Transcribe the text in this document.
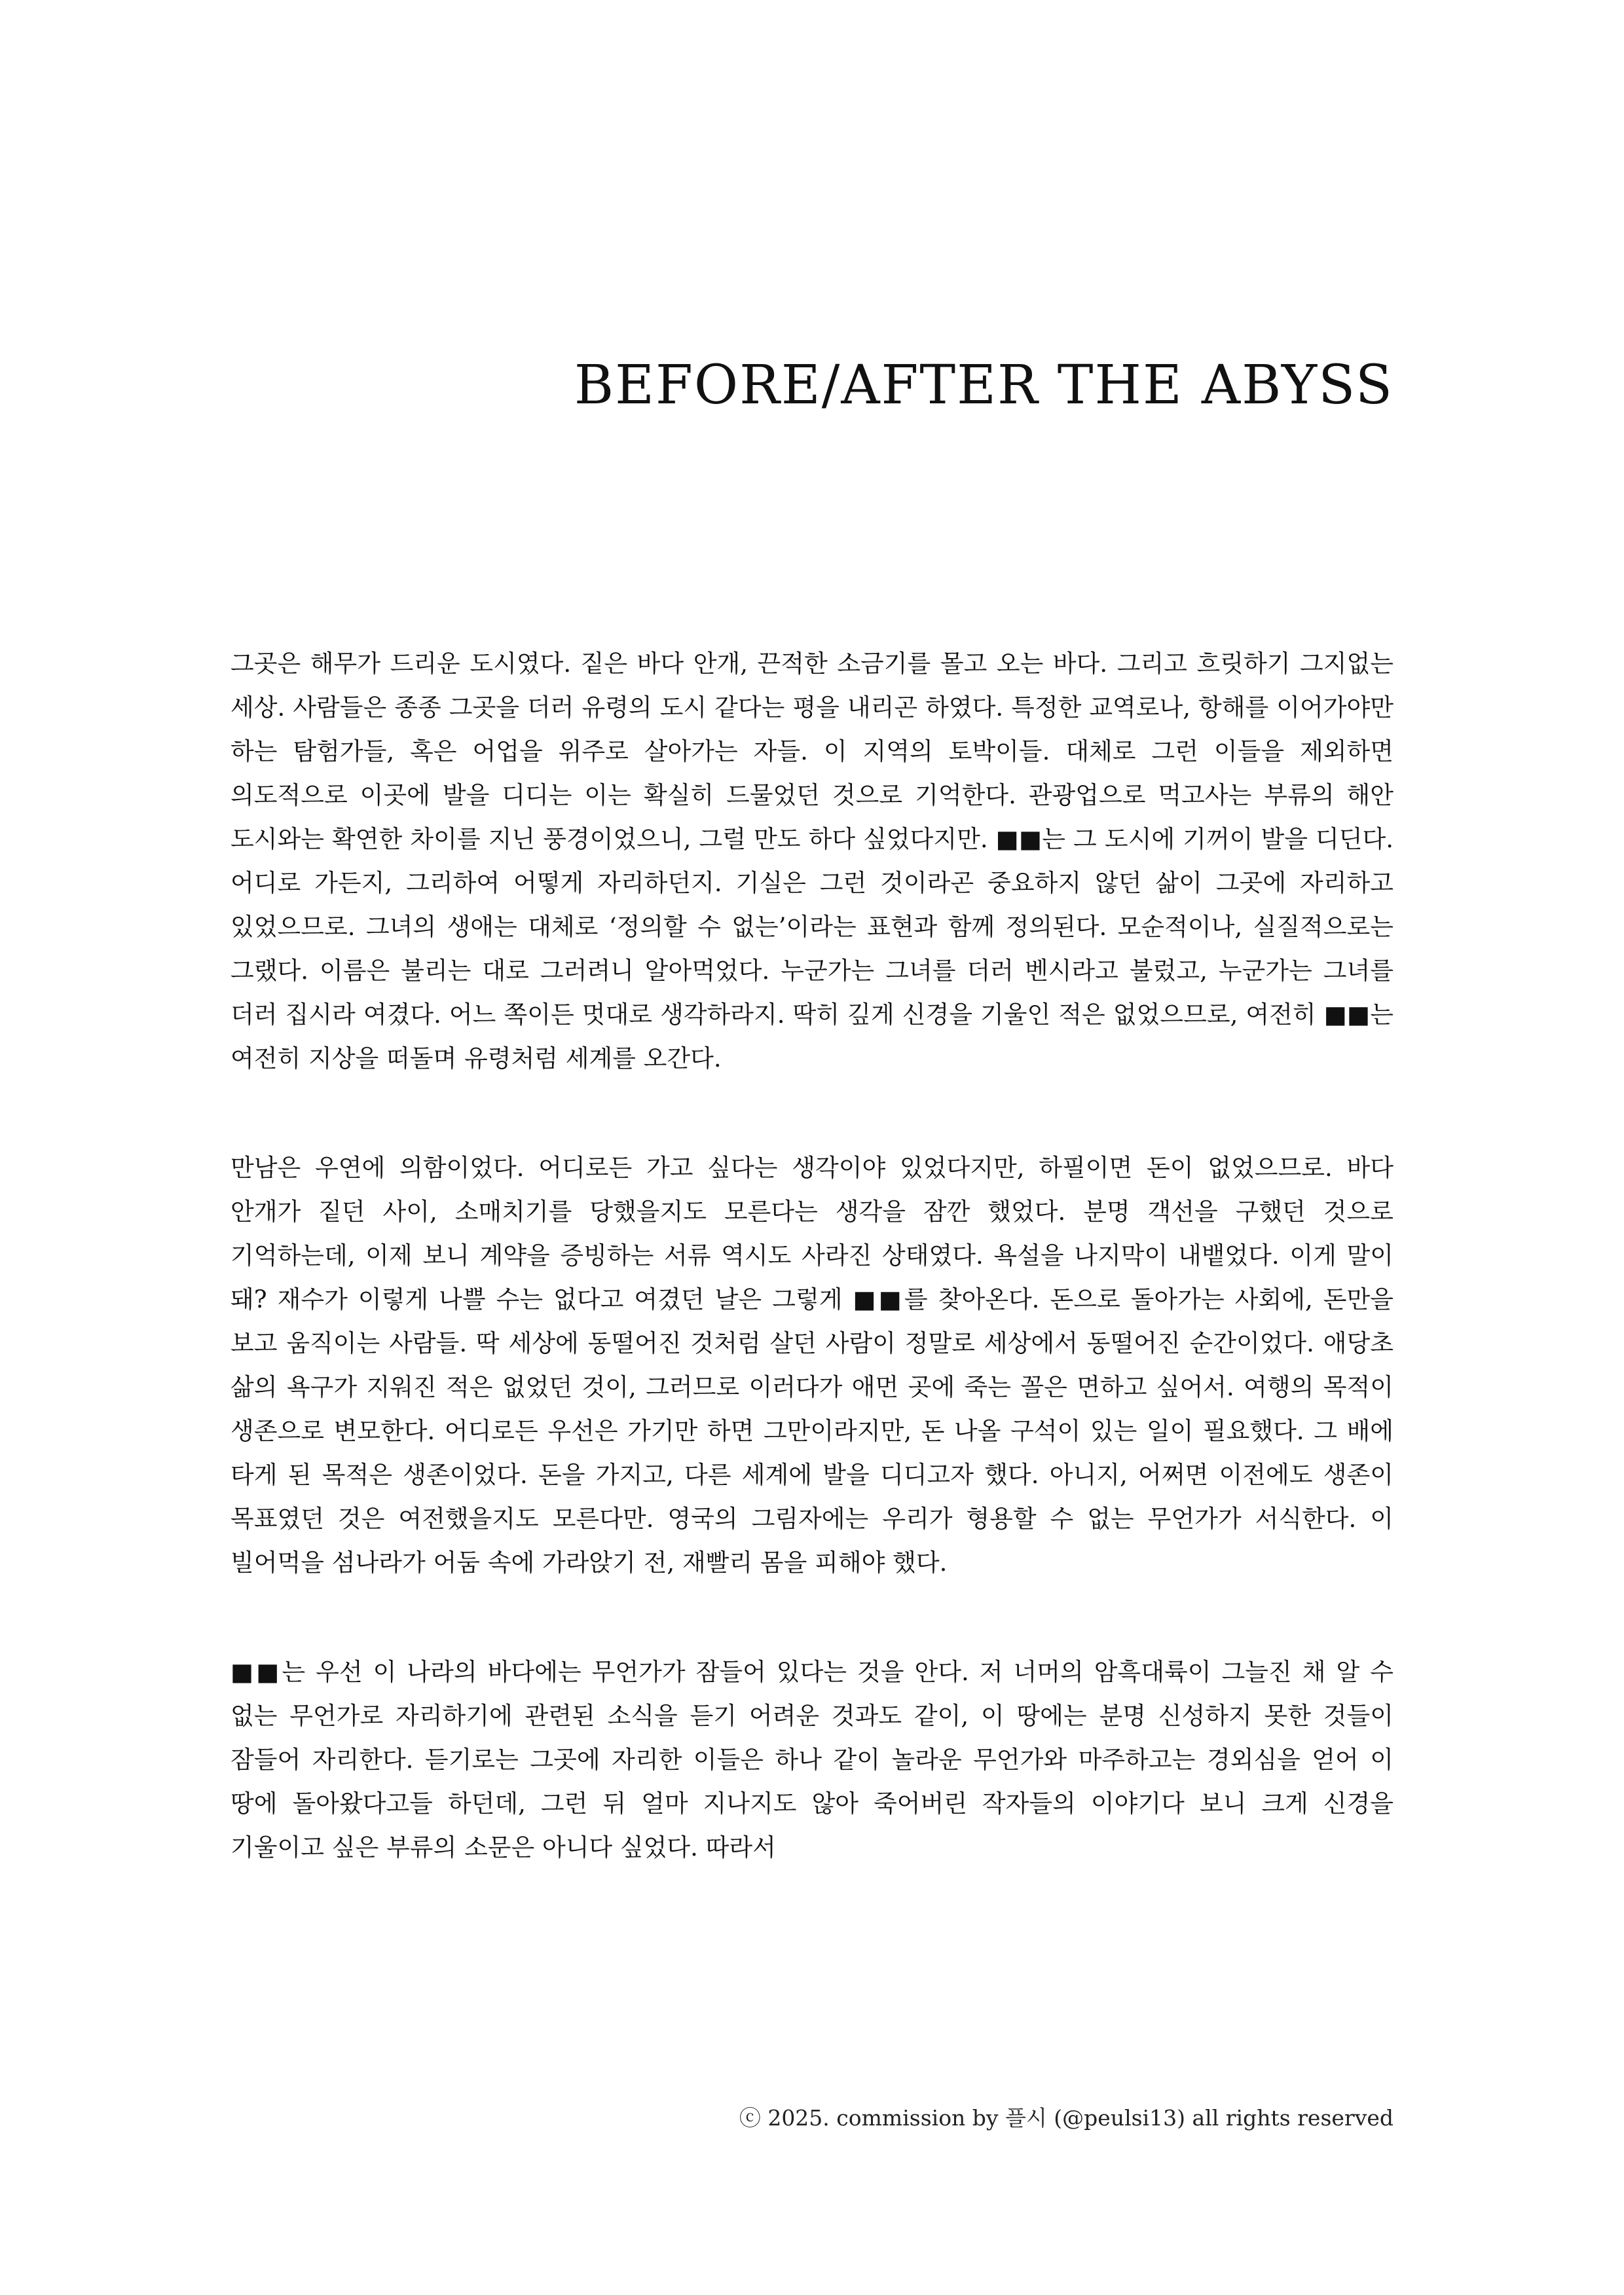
BEFORE/AFTER THE ABYSS

그곳은 해무가 드리운 도시였다. 짙은 바다 안개, 끈적한 소금기를 몰고 오는 바다. 그리고 흐릿하기 그지없는 세상. 사람들은 종종 그곳을 더러 유령의 도시 같다는 평을 내리곤 하였다. 특정한 교역로나, 항해를 이어가야만 하는 탐험가들, 혹은 어업을 위주로 살아가는 자들. 이 지역의 토박이들. 대체로 그런 이들을 제외하면 의도적으로 이곳에 발을 디디는 이는 확실히 드물었던 것으로 기억한다. 관광업으로 먹고사는 부류의 해안 도시와는 확연한 차이를 지닌 풍경이었으니, 그럴 만도 하다 싶었다지만. ■■는 그 도시에 기꺼이 발을 디딘다. 어디로 가든지, 그리하여 어떻게 자리하던지. 기실은 그런 것이라곤 중요하지 않던 삶이 그곳에 자리하고 있었으므로. 그녀의 생애는 대체로 ‘정의할 수 없는’이라는 표현과 함께 정의된다. 모순적이나, 실질적으로는 그랬다. 이름은 불리는 대로 그러려니 알아먹었다. 누군가는 그녀를 더러 벤시라고 불렀고, 누군가는 그녀를 더러 집시라 여겼다. 어느 쪽이든 멋대로 생각하라지. 딱히 깊게 신경을 기울인 적은 없었으므로, 여전히 ■■는 여전히 지상을 떠돌며 유령처럼 세계를 오간다.

만남은 우연에 의함이었다. 어디로든 가고 싶다는 생각이야 있었다지만, 하필이면 돈이 없었으므로. 바다 안개가 짙던 사이, 소매치기를 당했을지도 모른다는 생각을 잠깐 했었다. 분명 객선을 구했던 것으로 기억하는데, 이제 보니 계약을 증빙하는 서류 역시도 사라진 상태였다. 욕설을 나지막이 내뱉었다. 이게 말이 돼? 재수가 이렇게 나쁠 수는 없다고 여겼던 날은 그렇게 ■■를 찾아온다. 돈으로 돌아가는 사회에, 돈만을 보고 움직이는 사람들. 딱 세상에 동떨어진 것처럼 살던 사람이 정말로 세상에서 동떨어진 순간이었다. 애당초 삶의 욕구가 지워진 적은 없었던 것이, 그러므로 이러다가 애먼 곳에 죽는 꼴은 면하고 싶어서. 여행의 목적이 생존으로 변모한다. 어디로든 우선은 가기만 하면 그만이라지만, 돈 나올 구석이 있는 일이 필요했다. 그 배에 타게 된 목적은 생존이었다. 돈을 가지고, 다른 세계에 발을 디디고자 했다. 아니지, 어쩌면 이전에도 생존이 목표였던 것은 여전했을지도 모른다만. 영국의 그림자에는 우리가 형용할 수 없는 무언가가 서식한다. 이 빌어먹을 섬나라가 어둠 속에 가라앉기 전, 재빨리 몸을 피해야 했다.

■■는 우선 이 나라의 바다에는 무언가가 잠들어 있다는 것을 안다. 저 너머의 암흑대륙이 그늘진 채 알 수 없는 무언가로 자리하기에 관련된 소식을 듣기 어려운 것과도 같이, 이 땅에는 분명 신성하지 못한 것들이 잠들어 자리한다. 듣기로는 그곳에 자리한 이들은 하나 같이 놀라운 무언가와 마주하고는 경외심을 얻어 이 땅에 돌아왔다고들 하던데, 그런 뒤 얼마 지나지도 않아 죽어버린 작자들의 이야기다 보니 크게 신경을 기울이고 싶은 부류의 소문은 아니다 싶었다. 따라서

ⓒ 2025. commission by 플시 (@peulsi13) all rights reserved
